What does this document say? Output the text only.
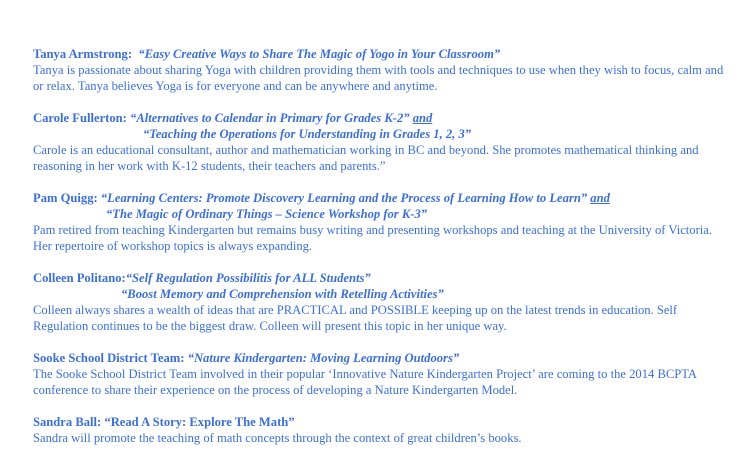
Tanya Armstrong: “Easy Creative Ways to Share The Magic of Yogo in Your Classroom”
Tanya is passionate about sharing Yoga with children providing them with tools and techniques to use when they wish to focus, calm and or relax. Tanya believes Yoga is for everyone and can be anywhere and anytime.
Carole Fullerton: “Alternatives to Calendar in Primary for Grades K-2” and
“Teaching the Operations for Understanding in Grades 1, 2, 3”
Carole is an educational consultant, author and mathematician working in BC and beyond. She promotes mathematical thinking and reasoning in her work with K-12 students, their teachers and parents.”
Pam Quigg: “Learning Centers: Promote Discovery Learning and the Process of Learning How to Learn” and
“The Magic of Ordinary Things – Science Workshop for K-3”
Pam retired from teaching Kindergarten but remains busy writing and presenting workshops and teaching at the University of Victoria. Her repertoire of workshop topics is always expanding.
Colleen Politano:“Self Regulation Possibilitis for ALL Students”
“Boost Memory and Comprehension with Retelling Activities”
Colleen always shares a wealth of ideas that are PRACTICAL and POSSIBLE keeping up on the latest trends in education. Self Regulation continues to be the biggest draw. Colleen will present this topic in her unique way.
Sooke School District Team: “Nature Kindergarten: Moving Learning Outdoors”
The Sooke School District Team involved in their popular ‘Innovative Nature Kindergarten Project’ are coming to the 2014 BCPTA conference to share their experience on the process of developing a Nature Kindergarten Model.
Sandra Ball: “Read A Story: Explore The Math”
Sandra will promote the teaching of math concepts through the context of great children’s books.
